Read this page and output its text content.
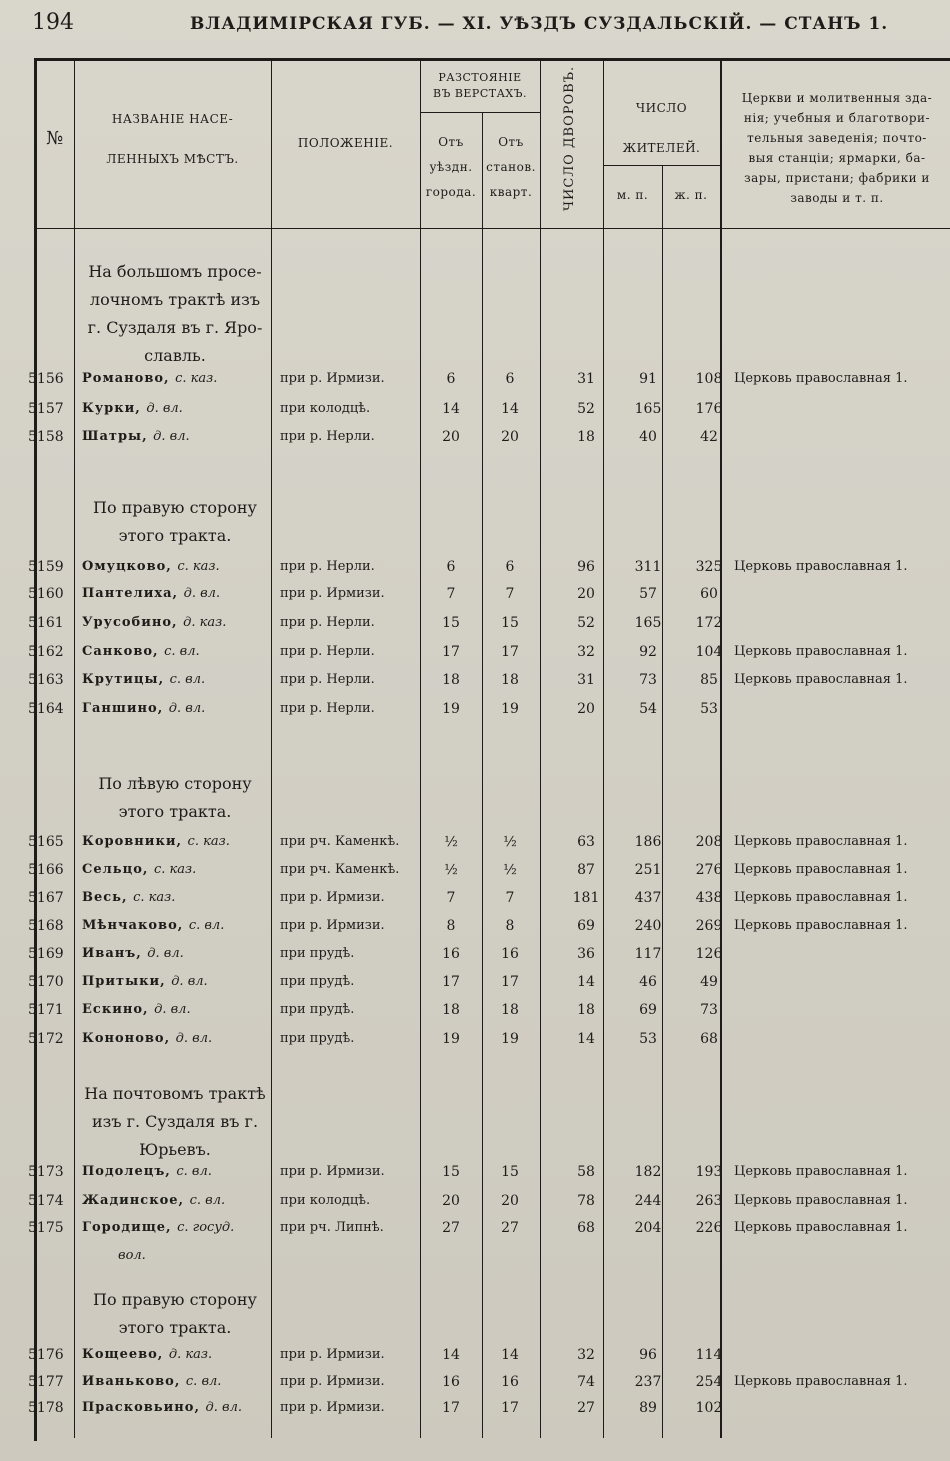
194	ВЛАДИМІРСКАЯ ГУБ. — XI. УѢЗДЪ СУЗДАЛЬСКІЙ. — СТАНЪ 1.
№
НАЗВАНІЕ НАСЕ-
ЛЕННЫХЪ МѢСТЪ.
ПОЛОЖЕНІЕ.
РАЗСТОЯНІЕ
ВЪ ВЕРСТАХЪ.
Отъ
уѣздн.
города.
Отъ
станов.
кварт.	ЧИСЛО ДВОРОВЪ.	ЧИСЛО
ЖИТЕЛЕЙ.
м. п.	ж. п.
Церкви и молитвенныя зда-
нія; учебныя и благотвори-
тельныя заведенія; почто-
выя станціи; ярмарки, ба-
зары, пристани; фабрики и
заводы и т. п.
На большомъ просе-
лочномъ трактѣ изъ
г. Суздаля въ г. Яро-
славль.
По правую сторону
этого тракта.
По лѣвую сторону
этого тракта.
На почтовомъ трактѣ
изъ г. Суздаля въ г.
Юрьевъ.
По правую сторону
этого тракта.
5156 Романово, с. каз.	при р. Ирмизи.	6	6	31	91	108 Церковь православная 1.
5157 Курки, д. вл.	при колодцѣ.	14	14	52	165	176
5158 Шатры, д. вл.	при р. Нерли.	20	20	18	40	42
5159 Омуцково, с. каз.	при р. Нерли.	6	6	96	311	325 Церковь православная 1.
5160 Пантелиха, д. вл.	при р. Ирмизи.	7	7	20	57	60
5161 Урусобино, д. каз.	при р. Нерли.	15	15	52	165	172
5162 Санково, с. вл.	при р. Нерли.	17	17	32	92	104 Церковь православная 1.
5163 Крутицы, с. вл.	при р. Нерли.	18	18	31	73	85	Церковь православная 1.
5164 Ганшино, д. вл.	при р. Нерли.	19	19	20	54	53
5165 Коровники, с. каз.	при рч. Каменкѣ.	½	½	63	186	208 Церковь православная 1.
5166 Сельцо, с. каз.	при рч. Каменкѣ.	½	½	87	251	276 Церковь православная 1.
5167 Весь, с. каз.	при р. Ирмизи.	7	7	181	437	438 Церковь православная 1.
5168 Мѣнчаково, с. вл.	при р. Ирмизи.	8	8	69	240	269 Церковь православная 1.
5169 Иванъ, д. вл.	при прудѣ.	16	16	36	117	126
5170 Притыки, д. вл.	при прудѣ.	17	17	14	46	49
5171 Ескино, д. вл.	при прудѣ.	18	18	18	69	73
5172 Кононово, д. вл.	при прудѣ.	19	19	14	53	68
5173 Подолецъ, с. вл.	при р. Ирмизи.	15	15	58	182	193 Церковь православная 1.
5174 Жадинское, с. вл.	при колодцѣ.	20	20	78	244	263 Церковь православная 1.
5175 Городище, с. госуд.	при рч. Липнѣ.	27	27	68	204	226 Церковь православная 1.
5176 Кощеево, д. каз.	при р. Ирмизи.	14	14	32	96	114
5177 Иваньково, с. вл.	при р. Ирмизи.	16	16	74	237	254 Церковь православная 1.
5178 Прасковьино, д. вл.	при р. Ирмизи.	17	17	27	89	102
вол.
